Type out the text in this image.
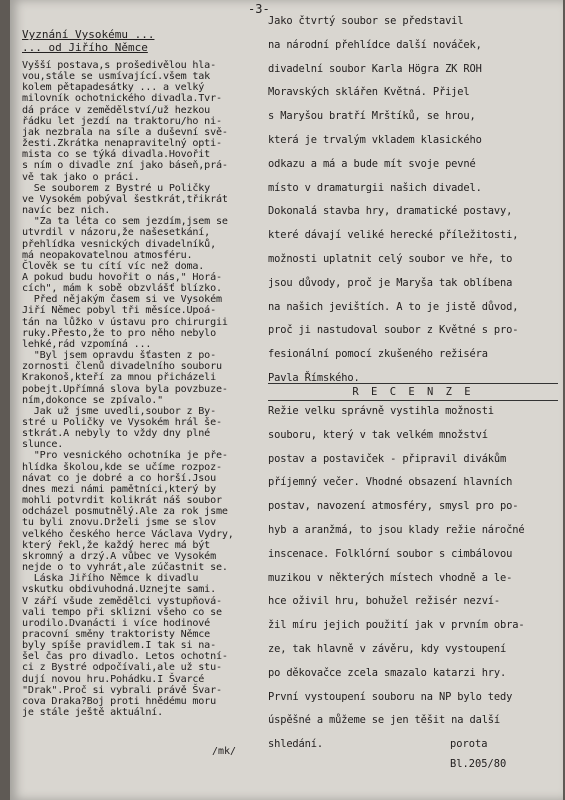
-3-
Vyznání Vysokému ...
... od Jiřího Němce

Vyšší postava,s prošedivělou hla-

vou,stále se usmívající.všem tak

kolem pětapadesátky ... a velký

milovník ochotnického divadla.Tvr-

dá práce v zemědělství/už hezkou

řádku let jezdí na traktoru/ho ni-

jak nezbrala na síle a duševní svě-

žesti.Zkrátka nenapravitelný opti-

mista co se týká divadla.Hovořit

s ním o divadle zní jako báseň,prá-

vě tak jako o práci.

Se souborem z Bystré u Poličky

ve Vysokém pobýval šestkrát,třikrát

navíc bez nich.

"Za ta léta co sem jezdím,jsem se

utvrdil v názoru,že našesetkání,

přehlídka vesnických divadelníků,

má neopakovatelnou atmosféru.

Člověk se tu cítí víc než doma.

A pokud budu hovořit o nás," Horá-

cích", mám k sobě obzvlášť blízko.

Před nějakým časem si ve Vysokém

Jiří Němec pobyl tři měsíce.Upoá-

tán na lůžko v ústavu pro chirurgii

ruky.Přesto,že to pro něho nebylo

lehké,rád vzpomíná ...

"Byl jsem opravdu šťasten z po-

zornosti členů divadelního souboru

Krakonoš,kteří za mnou přicházeli

pobejt.Upřímná slova byla povzbuze-

ním,dokonce se zpívalo."

Jak už jsme uvedli,soubor z By-

stré u Poličky ve Vysokém hrál še-

stkrát.A nebyly to vždy dny plné

slunce.

"Pro vesnického ochotníka je pře-

hlídka školou,kde se učíme rozpoz-

návat co je dobré a co horší.Jsou

dnes mezi námi pamětníci,který by

mohli potvrdit kolikrát náš soubor

odcházel posmutnělý.Ale za rok jsme

tu byli znovu.Drželi jsme se slov

velkého českého herce Václava Vydry,

který řekl,že každý herec má být

skromný a drzý.A vůbec ve Vysokém

nejde o to vyhrát,ale zúčastnit se.

Láska Jiřího Němce k divadlu

vskutku obdivuhodná.Uznejte sami.

V září všude zemědělci vystupňová-

vali tempo při sklizni všeho co se

urodilo.Dvanácti i více hodinové

pracovní směny traktoristy Němce

byly spíše pravidlem.I tak si na-

šel čas pro divadlo. Letos ochotní-

ci z Bystré odpočívali,ale už stu-

dují novou hru.Pohádku.I Švarcé

"Drak".Proč si vybrali právě Švar-

cova Draka?Boj proti hnědému moru

je stále ještě aktuální.

Jako čtvrtý soubor se představil

na národní přehlídce další nováček,

divadelní soubor Karla Högra ZK ROH

Moravských sklářen Květná. Přijel

s Maryšou bratří Mrštíků, se hrou,

která je trvalým vkladem klasického

odkazu a má a bude mít svoje pevné

místo v dramaturgii našich divadel.

Dokonalá stavba hry, dramatické postavy,

které dávají veliké herecké příležitosti,

možnosti uplatnit celý soubor ve hře, to

jsou důvody, proč je Maryša tak oblíbena

na našich jevištích. A to je jistě důvod,

proč ji nastudoval soubor z Květné s pro-

fesionální pomocí zkušeného režiséra

Pavla Římského.

R E C E N Z E

Režie velku správně vystihla možnosti

souboru, který v tak velkém množství

postav a postaviček - připravil divákům

příjemný večer. Vhodné obsazení hlavních

postav, navození atmosféry, smysl pro po-

hyb a aranžmá, to jsou klady režie náročné

inscenace. Folklórní soubor s cimbálovou

muzikou v některých místech vhodně a le-

hce oživil hru, bohužel režisér nezví-

žil míru jejich použití jak v prvním obra-

ze, tak hlavně v závěru, kdy vystoupení

po děkovačce zcela smazalo katarzi hry.

První vystoupení souboru na NP bylo tedy

úspěšné a můžeme se jen těšit na další

shledání.

/mk/
porota
Bl.205/80
